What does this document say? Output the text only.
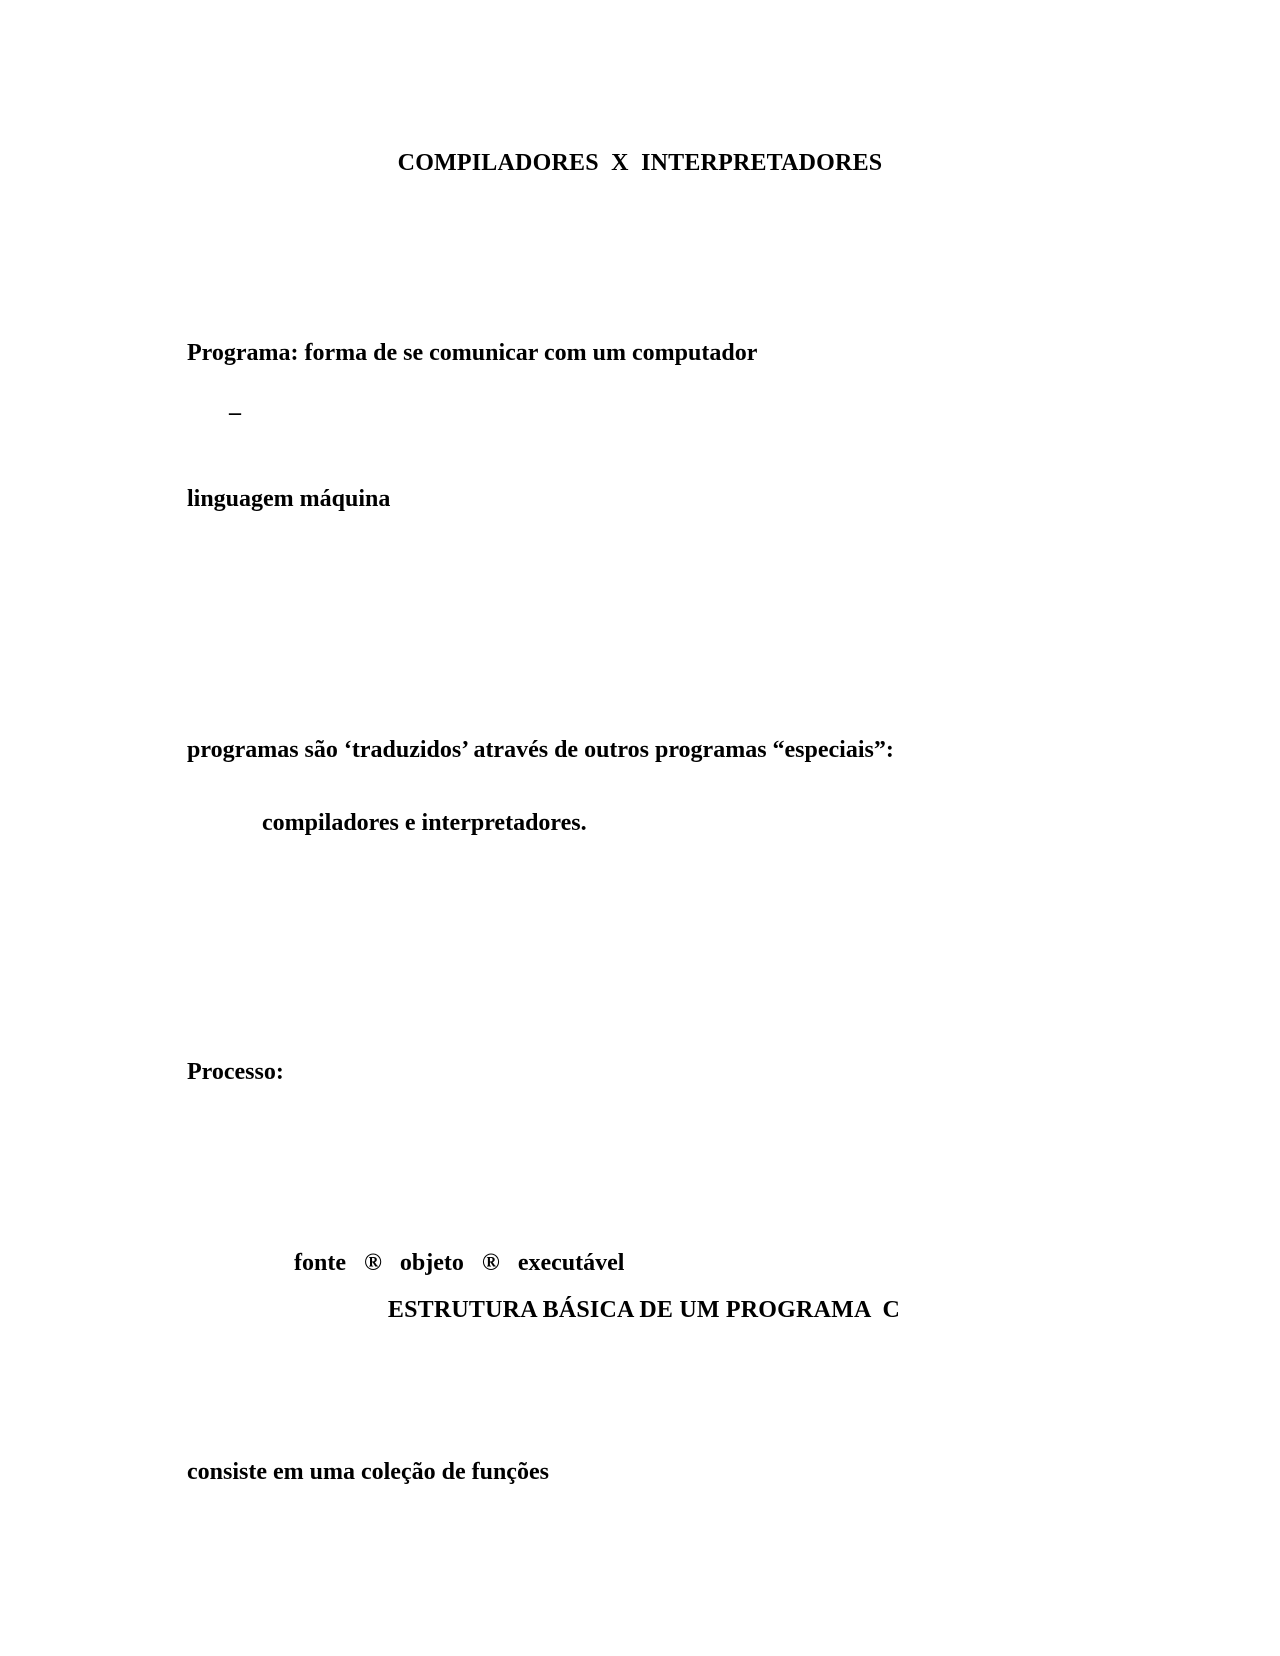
COMPILADORES  X  INTERPRETADORES
Programa: forma de se comunicar com um computador
–
linguagem máquina
programas são ‘traduzidos’ através de outros programas “especiais”:
compiladores e interpretadores.
Processo:

fonte ® objeto ® executável

ESTRUTURA BÁSICA DE UM PROGRAMA  C
consiste em uma coleção de funções
